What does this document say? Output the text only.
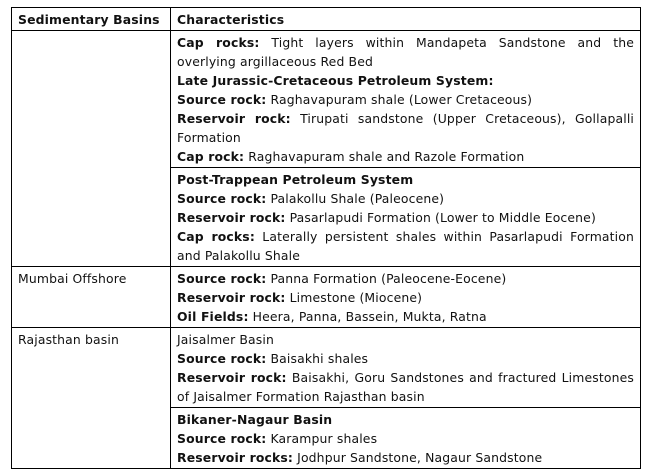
Sedimentary Basins	Characteristics

	Cap rocks: Tight layers within Mandapeta Sandstone and the overlying argillaceous Red Bed
Late Jurassic-Cretaceous Petroleum System:
Source rock: Raghavapuram shale (Lower Cretaceous)
Reservoir rock: Tirupati sandstone (Upper Cretaceous), Gollapalli Formation
Cap rock: Raghavapuram shale and Razole Formation

	Post-Trappean Petroleum System
Source rock: Palakollu Shale (Paleocene)
Reservoir rock: Pasarlapudi Formation (Lower to Middle Eocene)
Cap rocks: Laterally persistent shales within Pasarlapudi Formation and Palakollu Shale

Mumbai Offshore	Source rock: Panna Formation (Paleocene-Eocene)
Reservoir rock: Limestone (Miocene)
Oil Fields: Heera, Panna, Bassein, Mukta, Ratna

Rajasthan basin	Jaisalmer Basin
Source rock: Baisakhi shales
Reservoir rock: Baisakhi, Goru Sandstones and fractured Limestones of Jaisalmer Formation Rajasthan basin

	Bikaner-Nagaur Basin
Source rock: Karampur shales
Reservoir rocks: Jodhpur Sandstone, Nagaur Sandstone
